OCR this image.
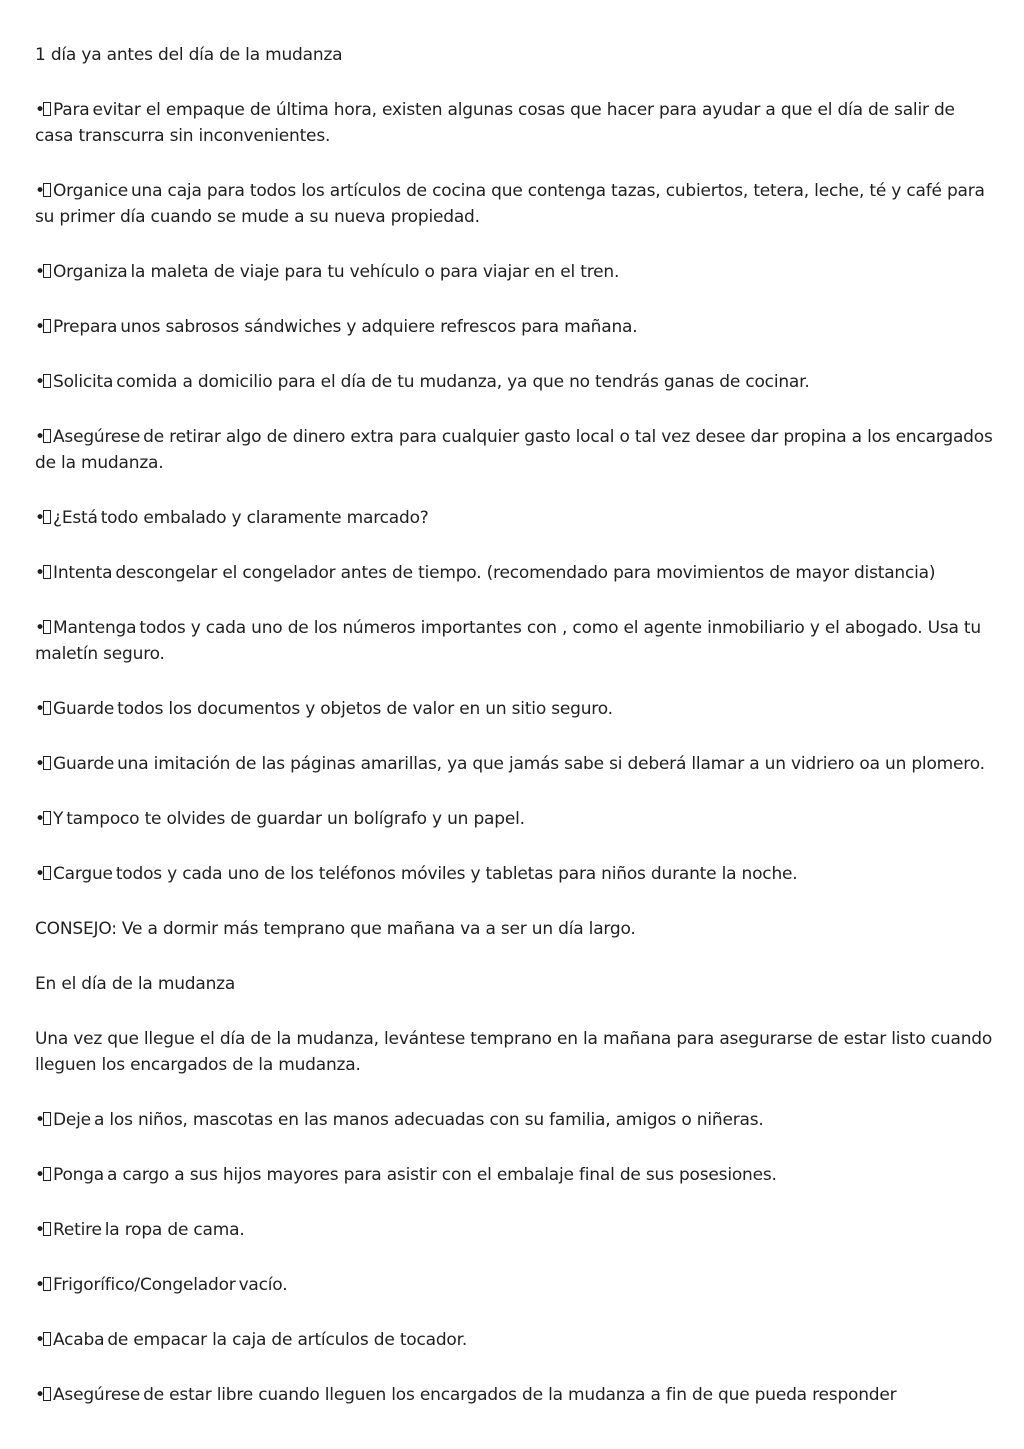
1 día ya antes del día de la mudanza

• Para evitar el empaque de última hora, existen algunas cosas que hacer para ayudar a que el día de salir de casa transcurra sin inconvenientes.

• Organice una caja para todos los artículos de cocina que contenga tazas, cubiertos, tetera, leche, té y café para su primer día cuando se mude a su nueva propiedad.

• Organiza la maleta de viaje para tu vehículo o para viajar en el tren.

• Prepara unos sabrosos sándwiches y adquiere refrescos para mañana.

• Solicita comida a domicilio para el día de tu mudanza, ya que no tendrás ganas de cocinar.

• Asegúrese de retirar algo de dinero extra para cualquier gasto local o tal vez desee dar propina a los encargados de la mudanza.

• ¿Está todo embalado y claramente marcado?

• Intenta descongelar el congelador antes de tiempo. (recomendado para movimientos de mayor distancia)

• Mantenga todos y cada uno de los números importantes con , como el agente inmobiliario y el abogado. Usa tu maletín seguro.

• Guarde todos los documentos y objetos de valor en un sitio seguro.

• Guarde una imitación de las páginas amarillas, ya que jamás sabe si deberá llamar a un vidriero oa un plomero.

• Y tampoco te olvides de guardar un bolígrafo y un papel.

• Cargue todos y cada uno de los teléfonos móviles y tabletas para niños durante la noche.

CONSEJO: Ve a dormir más temprano que mañana va a ser un día largo.

En el día de la mudanza

Una vez que llegue el día de la mudanza, levántese temprano en la mañana para asegurarse de estar listo cuando lleguen los encargados de la mudanza.

• Deje a los niños, mascotas en las manos adecuadas con su familia, amigos o niñeras.

• Ponga a cargo a sus hijos mayores para asistir con el embalaje final de sus posesiones.

• Retire la ropa de cama.

• Frigorífico/Congelador vacío.

• Acaba de empacar la caja de artículos de tocador.

• Asegúrese de estar libre cuando lleguen los encargados de la mudanza a fin de que pueda responder
